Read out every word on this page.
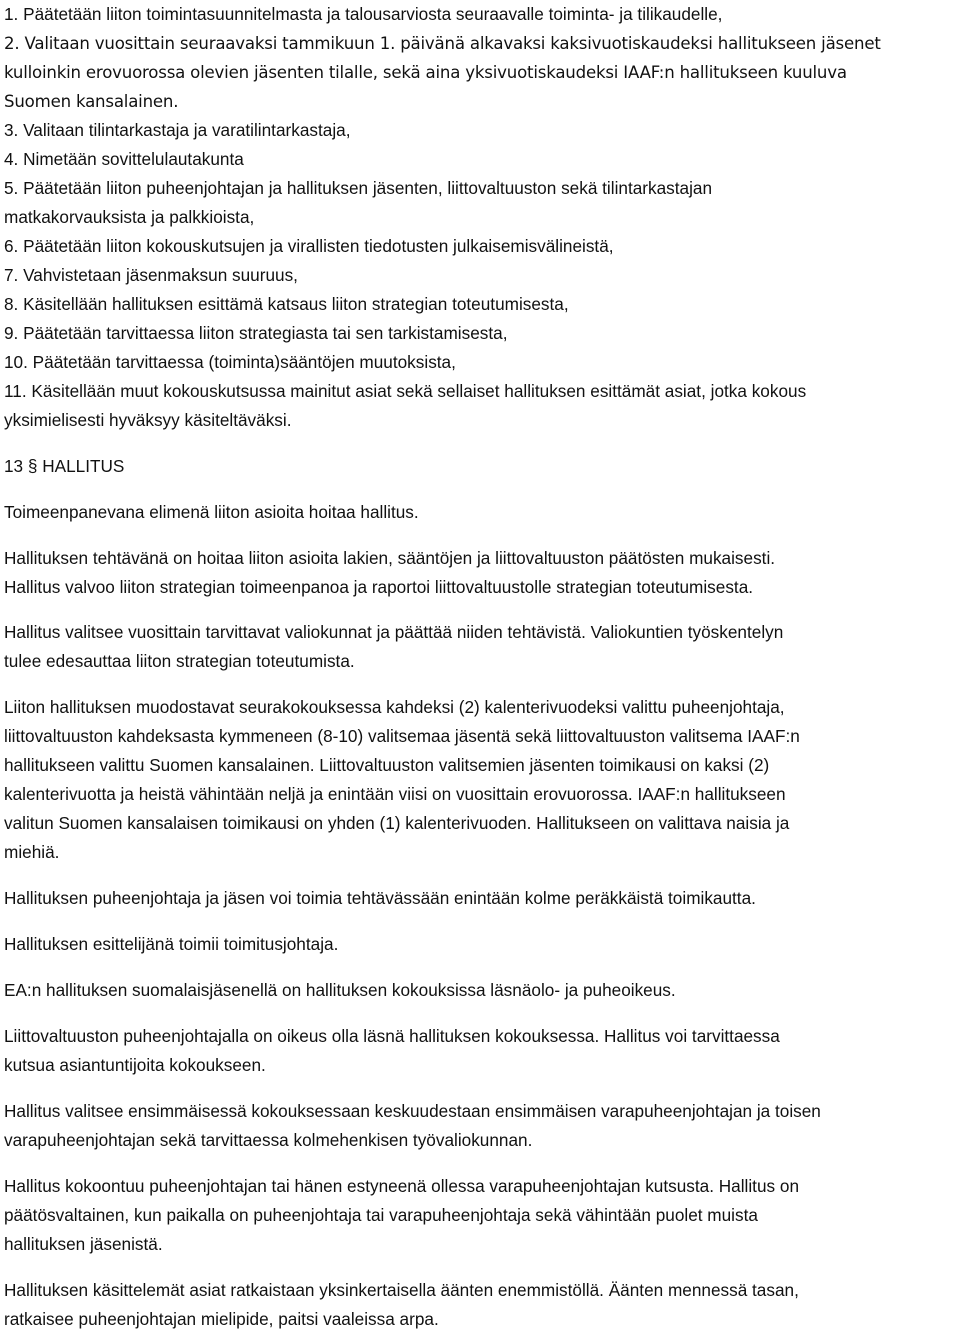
1. Päätetään liiton toimintasuunnitelmasta ja talousarviosta seuraavalle toiminta- ja tilikaudelle,
2. Valitaan vuosittain seuraavaksi tammikuun 1. päivänä alkavaksi kaksivuotiskaudeksi hallitukseen jäsenet
kulloinkin erovuorossa olevien jäsenten tilalle, sekä aina yksivuotiskaudeksi IAAF:n hallitukseen kuuluva
Suomen kansalainen.
3. Valitaan tilintarkastaja ja varatilintarkastaja,
4. Nimetään sovittelulautakunta
5. Päätetään liiton puheenjohtajan ja hallituksen jäsenten, liittovaltuuston sekä tilintarkastajan
matkakorvauksista ja palkkioista,
6. Päätetään liiton kokouskutsujen ja virallisten tiedotusten julkaisemisvälineistä,
7. Vahvistetaan jäsenmaksun suuruus,
8. Käsitellään hallituksen esittämä katsaus liiton strategian toteutumisesta,
9. Päätetään tarvittaessa liiton strategiasta tai sen tarkistamisesta,
10. Päätetään tarvittaessa (toiminta)sääntöjen muutoksista,
11. Käsitellään muut kokouskutsussa mainitut asiat sekä sellaiset hallituksen esittämät asiat, jotka kokous
yksimielisesti hyväksyy käsiteltäväksi.
13 § HALLITUS

Toimeenpanevana elimenä liiton asioita hoitaa hallitus.

Hallituksen tehtävänä on hoitaa liiton asioita lakien, sääntöjen ja liittovaltuuston päätösten mukaisesti.
Hallitus valvoo liiton strategian toimeenpanoa ja raportoi liittovaltuustolle strategian toteutumisesta.

Hallitus valitsee vuosittain tarvittavat valiokunnat ja päättää niiden tehtävistä. Valiokuntien työskentelyn
tulee edesauttaa liiton strategian toteutumista.

Liiton hallituksen muodostavat seurakokouksessa kahdeksi (2) kalenterivuodeksi valittu puheenjohtaja,
liittovaltuuston kahdeksasta kymmeneen (8-10) valitsemaa jäsentä sekä liittovaltuuston valitsema IAAF:n
hallitukseen valittu Suomen kansalainen. Liittovaltuuston valitsemien jäsenten toimikausi on kaksi (2)
kalenterivuotta ja heistä vähintään neljä ja enintään viisi on vuosittain erovuorossa. IAAF:n hallitukseen
valitun Suomen kansalaisen toimikausi on yhden (1) kalenterivuoden. Hallitukseen on valittava naisia ja
miehiä.

Hallituksen puheenjohtaja ja jäsen voi toimia tehtävässään enintään kolme peräkkäistä toimikautta.

Hallituksen esittelijänä toimii toimitusjohtaja.

EA:n hallituksen suomalaisjäsenellä on hallituksen kokouksissa läsnäolo- ja puheoikeus.

Liittovaltuuston puheenjohtajalla on oikeus olla läsnä hallituksen kokouksessa. Hallitus voi tarvittaessa
kutsua asiantuntijoita kokoukseen.

Hallitus valitsee ensimmäisessä kokouksessaan keskuudestaan ensimmäisen varapuheenjohtajan ja toisen
varapuheenjohtajan sekä tarvittaessa kolmehenkisen työvaliokunnan.

Hallitus kokoontuu puheenjohtajan tai hänen estyneenä ollessa varapuheenjohtajan kutsusta. Hallitus on
päätösvaltainen, kun paikalla on puheenjohtaja tai varapuheenjohtaja sekä vähintään puolet muista
hallituksen jäsenistä.

Hallituksen käsittelemät asiat ratkaistaan yksinkertaisella äänten enemmistöllä. Äänten mennessä tasan,
ratkaisee puheenjohtajan mielipide, paitsi vaaleissa arpa.
